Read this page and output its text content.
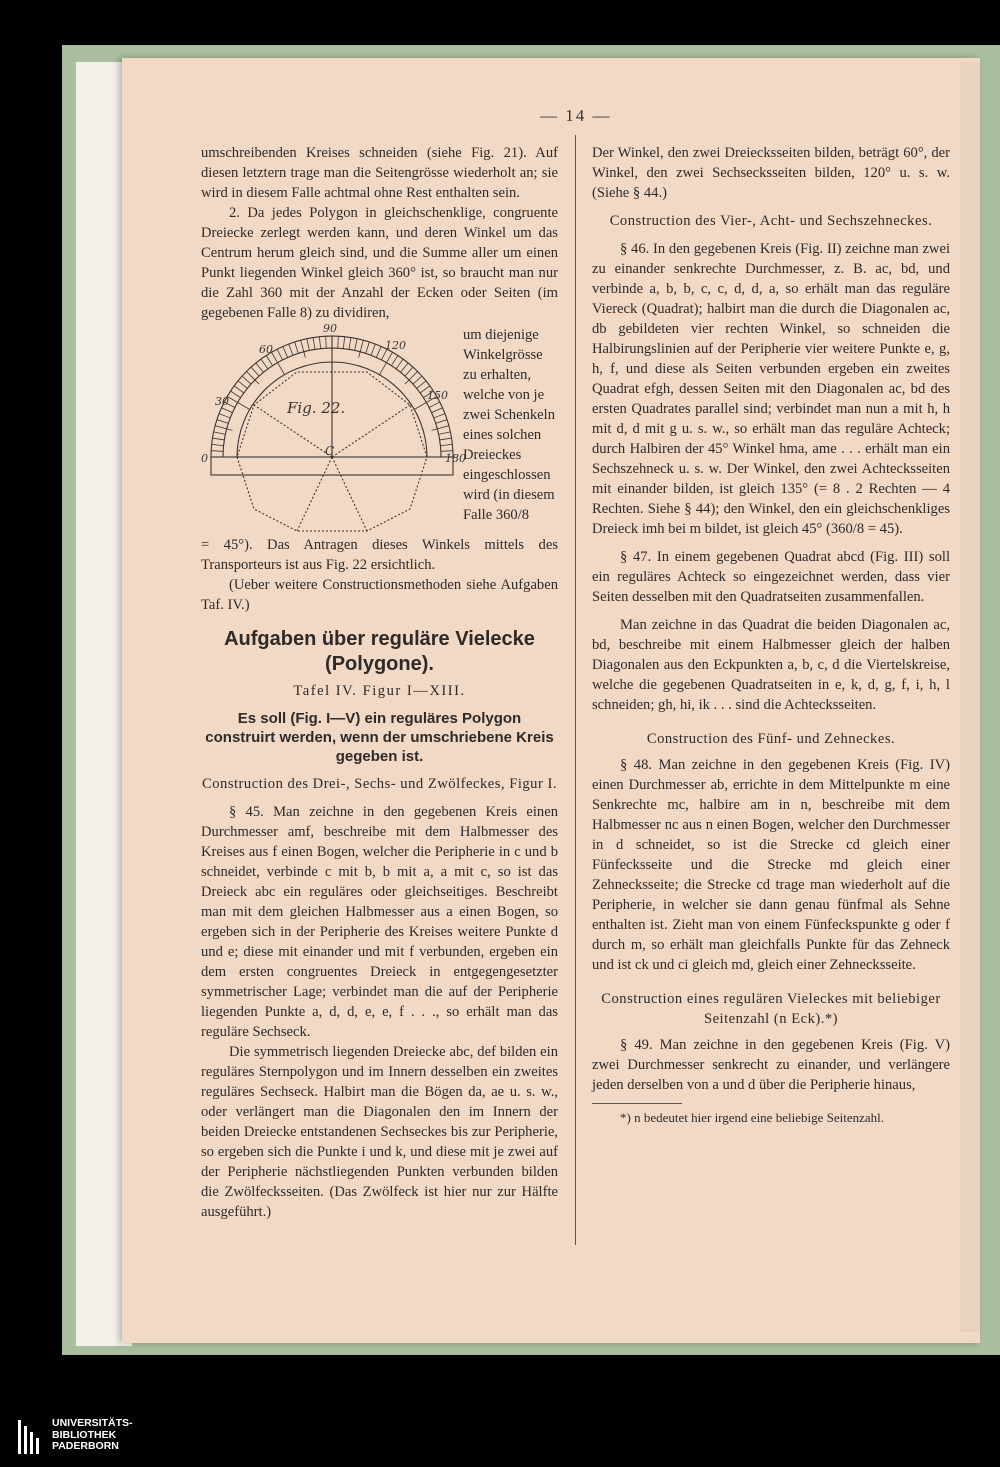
— 14 —

umschreibenden Kreises schneiden (siehe Fig. 21). Auf diesen letztern trage man die Seitengrösse wiederholt an; sie wird in diesem Falle achtmal ohne Rest enthalten sein.

2. Da jedes Polygon in gleichschenklige, congruente Dreiecke zerlegt werden kann, und deren Winkel um das Centrum herum gleich sind, und die Summe aller um einen Punkt liegenden Winkel gleich 360° ist, so braucht man nur die Zahl 360 mit der Anzahl der Ecken oder Seiten (im gegebenen Falle 8) zu dividiren,

0
30
60
90
120
150
180
Fig. 22.
C
um diejenige Winkelgrösse zu erhalten, welche von je zwei Schenkeln eines solchen Dreieckes eingeschlossen wird (in diesem Falle 360/8

= 45°). Das Antragen dieses Winkels mittels des Transporteurs ist aus Fig. 22 ersichtlich.

(Ueber weitere Constructionsmethoden siehe Aufgaben Taf. IV.)

Aufgaben über reguläre Vielecke (Polygone).
Tafel IV. Figur I—XIII.
Es soll (Fig. I—V) ein reguläres Polygon construirt werden, wenn der umschriebene Kreis gegeben ist.
Construction des Drei-, Sechs- und Zwölfeckes, Figur I.

§ 45. Man zeichne in den gegebenen Kreis einen Durchmesser amf, beschreibe mit dem Halbmesser des Kreises aus f einen Bogen, welcher die Peripherie in c und b schneidet, verbinde c mit b, b mit a, a mit c, so ist das Dreieck abc ein reguläres oder gleichseitiges. Beschreibt man mit dem gleichen Halbmesser aus a einen Bogen, so ergeben sich in der Peripherie des Kreises weitere Punkte d und e; diese mit einander und mit f verbunden, ergeben ein dem ersten congruentes Dreieck in entgegengesetzter symmetrischer Lage; verbindet man die auf der Peripherie liegenden Punkte a, d, d, e, e, f . . ., so erhält man das reguläre Sechseck.

Die symmetrisch liegenden Dreiecke abc, def bilden ein reguläres Sternpolygon und im Innern desselben ein zweites reguläres Sechseck. Halbirt man die Bögen da, ae u. s. w., oder verlängert man die Diagonalen den im Innern der beiden Dreiecke entstandenen Sechseckes bis zur Peripherie, so ergeben sich die Punkte i und k, und diese mit je zwei auf der Peripherie nächstliegenden Punkten verbunden bilden die Zwölfecksseiten. (Das Zwölfeck ist hier nur zur Hälfte ausgeführt.)

Der Winkel, den zwei Dreiecksseiten bilden, beträgt 60°, der Winkel, den zwei Sechsecksseiten bilden, 120° u. s. w. (Siehe § 44.)

Construction des Vier-, Acht- und Sechszehneckes.

§ 46. In den gegebenen Kreis (Fig. II) zeichne man zwei zu einander senkrechte Durchmesser, z. B. ac, bd, und verbinde a, b, b, c, c, d, d, a, so erhält man das reguläre Viereck (Quadrat); halbirt man die durch die Diagonalen ac, db gebildeten vier rechten Winkel, so schneiden die Halbirungslinien auf der Peripherie vier weitere Punkte e, g, h, f, und diese als Seiten verbunden ergeben ein zweites Quadrat efgh, dessen Seiten mit den Diagonalen ac, bd des ersten Quadrates parallel sind; verbindet man nun a mit h, h mit d, d mit g u. s. w., so erhält man das reguläre Achteck; durch Halbiren der 45° Winkel hma, ame . . . erhält man ein Sechszehneck u. s. w. Der Winkel, den zwei Achtecksseiten mit einander bilden, ist gleich 135° (= 8 . 2 Rechten — 4 Rechten. Siehe § 44); den Winkel, den ein gleichschenkliges Dreieck imh bei m bildet, ist gleich 45° (360/8 = 45).

§ 47. In einem gegebenen Quadrat abcd (Fig. III) soll ein reguläres Achteck so eingezeichnet werden, dass vier Seiten desselben mit den Quadratseiten zusammenfallen.

Man zeichne in das Quadrat die beiden Diagonalen ac, bd, beschreibe mit einem Halbmesser gleich der halben Diagonalen aus den Eckpunkten a, b, c, d die Viertelskreise, welche die gegebenen Quadratseiten in e, k, d, g, f, i, h, l schneiden; gh, hi, ik . . . sind die Achtecksseiten.

Construction des Fünf- und Zehneckes.

§ 48. Man zeichne in den gegebenen Kreis (Fig. IV) einen Durchmesser ab, errichte in dem Mittelpunkte m eine Senkrechte mc, halbire am in n, beschreibe mit dem Halbmesser nc aus n einen Bogen, welcher den Durchmesser in d schneidet, so ist die Strecke cd gleich einer Fünfecksseite und die Strecke md gleich einer Zehnecksseite; die Strecke cd trage man wiederholt auf die Peripherie, in welcher sie dann genau fünfmal als Sehne enthalten ist. Zieht man von einem Fünfeckspunkte g oder f durch m, so erhält man gleichfalls Punkte für das Zehneck und ist ck und ci gleich md, gleich einer Zehnecksseite.

Construction eines regulären Vieleckes mit beliebiger Seitenzahl (n Eck).*)

§ 49. Man zeichne in den gegebenen Kreis (Fig. V) zwei Durchmesser senkrecht zu einander, und verlängere jeden derselben von a und d über die Peripherie hinaus,

*) n bedeutet hier irgend eine beliebige Seitenzahl.

UNIVERSITÄTS-
BIBLIOTHEK
PADERBORN
